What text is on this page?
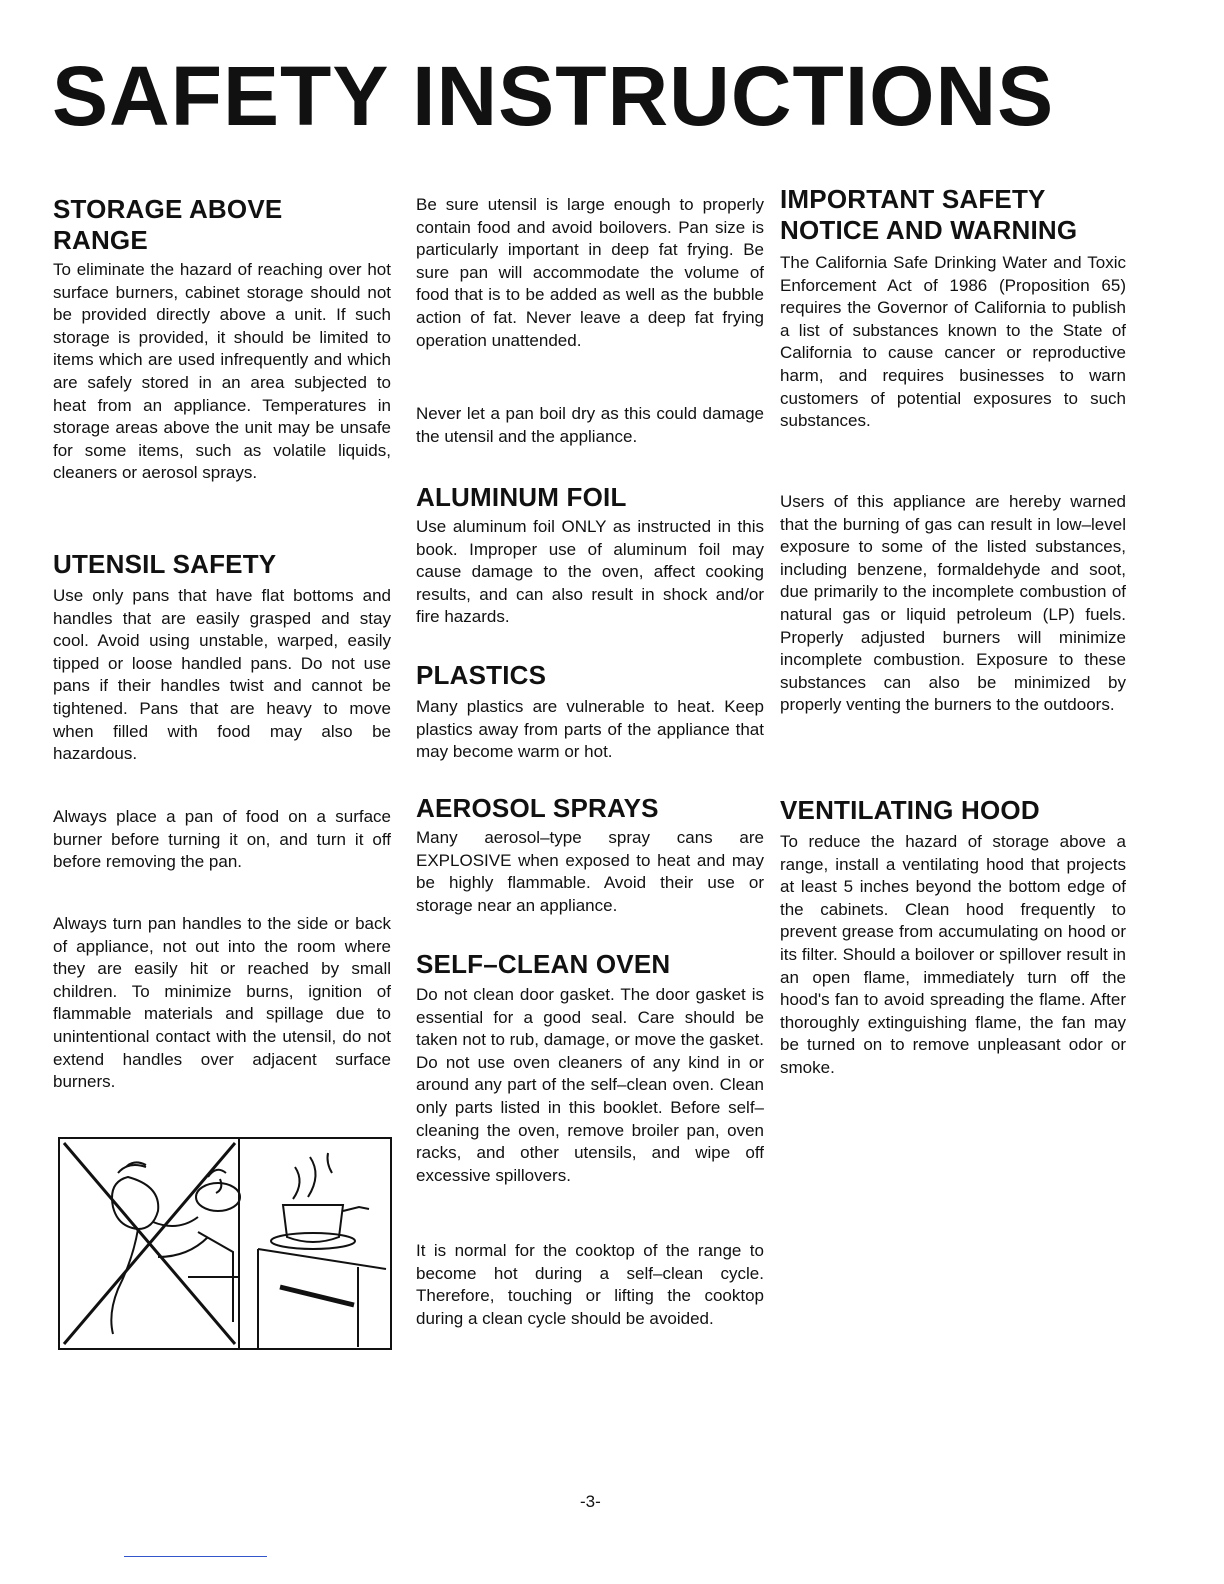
SAFETY INSTRUCTIONS
STORAGE ABOVE RANGE

To eliminate the hazard of reaching over hot surface burners, cabinet storage should not be provided directly above a unit. If such storage is provided, it should be limited to items which are used infrequently and which are safely stored in an area subjected to heat from an appliance. Temperatures in storage areas above the unit may be unsafe for some items, such as volatile liquids, cleaners or aerosol sprays.

UTENSIL SAFETY

Use only pans that have flat bottoms and handles that are easily grasped and stay cool. Avoid using unstable, warped, easily tipped or loose handled pans. Do not use pans if their handles twist and cannot be tightened. Pans that are heavy to move when filled with food may also be hazardous.

Always place a pan of food on a surface burner before turning it on, and turn it off before removing the pan.

Always turn pan handles to the side or back of appliance, not out into the room where they are easily hit or reached by small children. To minimize burns, ignition of flammable materials and spillage due to unintentional contact with the utensil, do not extend handles over adjacent surface burners.

Be sure utensil is large enough to properly contain food and avoid boilovers. Pan size is particularly important in deep fat frying. Be sure pan will accommodate the volume of food that is to be added as well as the bubble action of fat. Never leave a deep fat frying operation unattended.

Never let a pan boil dry as this could damage the utensil and the appliance.

ALUMINUM FOIL

Use aluminum foil ONLY as instructed in this book. Improper use of aluminum foil may cause damage to the oven, affect cooking results, and can also result in shock and/or fire hazards.

PLASTICS

Many plastics are vulnerable to heat. Keep plastics away from parts of the appliance that may become warm or hot.

AEROSOL SPRAYS

Many aerosol–type spray cans are EXPLOSIVE when exposed to heat and may be highly flammable. Avoid their use or storage near an appliance.

SELF–CLEAN OVEN

Do not clean door gasket. The door gasket is essential for a good seal. Care should be taken not to rub, damage, or move the gasket. Do not use oven cleaners of any kind in or around any part of the self–clean oven. Clean only parts listed in this booklet. Before self–cleaning the oven, remove broiler pan, oven racks, and other utensils, and wipe off excessive spillovers.

It is normal for the cooktop of the range to become hot during a self–clean cycle. Therefore, touching or lifting the cooktop during a clean cycle should be avoided.

IMPORTANT SAFETY NOTICE AND WARNING

The California Safe Drinking Water and Toxic Enforcement Act of 1986 (Proposition 65) requires the Governor of California to publish a list of substances known to the State of California to cause cancer or reproductive harm, and requires businesses to warn customers of potential exposures to such substances.

Users of this appliance are hereby warned that the burning of gas can result in low–level exposure to some of the listed substances, including benzene, formaldehyde and soot, due primarily to the incomplete combustion of natural gas or liquid petroleum (LP) fuels. Properly adjusted burners will minimize incomplete combustion. Exposure to these substances can also be minimized by properly venting the burners to the outdoors.

VENTILATING HOOD

To reduce the hazard of storage above a range, install a ventilating hood that projects at least 5 inches beyond the bottom edge of the cabinets. Clean hood frequently to prevent grease from accumulating on hood or its filter. Should a boilover or spillover result in an open flame, immediately turn off the hood's fan to avoid spreading the flame. After thoroughly extinguishing flame, the fan may be turned on to remove unpleasant odor or smoke.

-3-
